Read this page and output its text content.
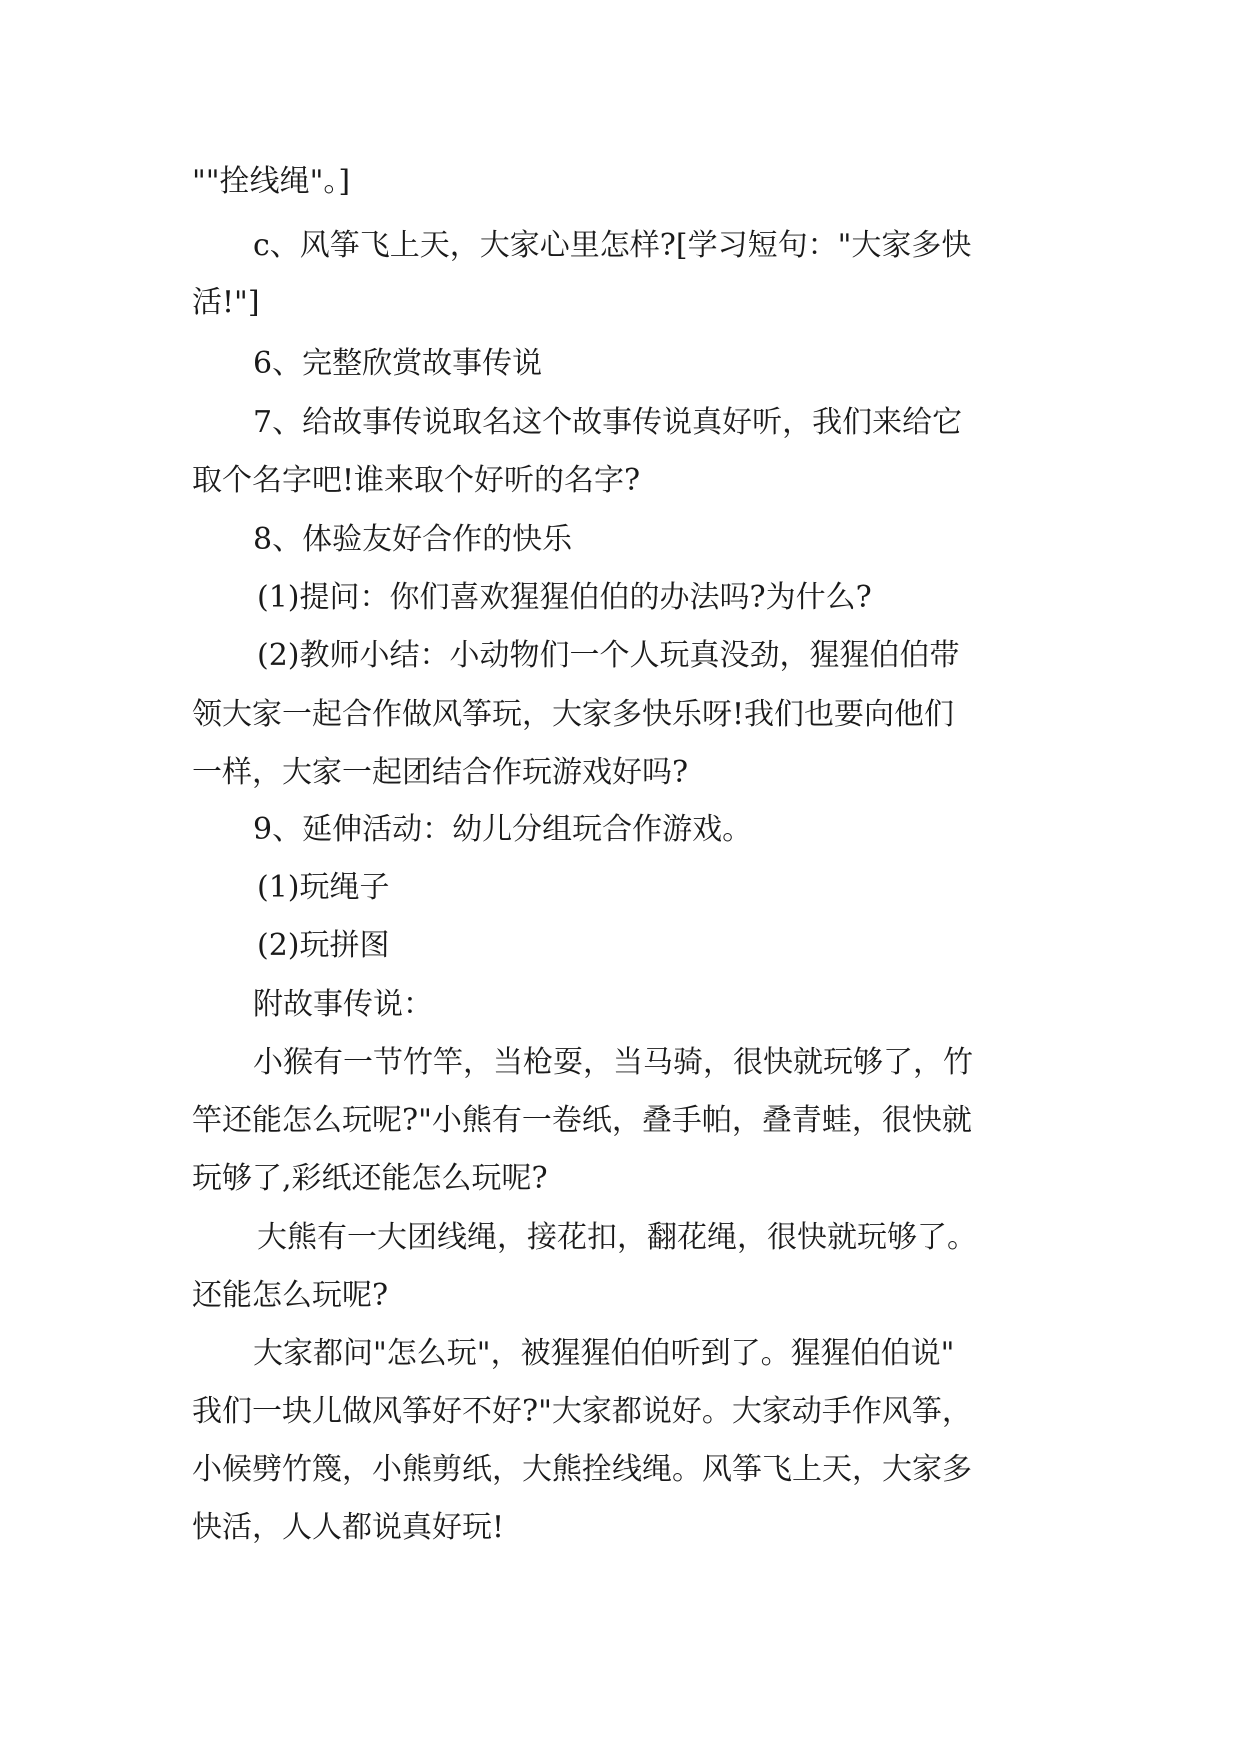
""拴线绳"。]
c、风筝飞上天，大家心里怎样?[学习短句："大家多快
活!"]
6、完整欣赏故事传说
7、给故事传说取名这个故事传说真好听，我们来给它
取个名字吧!谁来取个好听的名字?
8、体验友好合作的快乐
(1)提问：你们喜欢猩猩伯伯的办法吗?为什么?
(2)教师小结：小动物们一个人玩真没劲，猩猩伯伯带
领大家一起合作做风筝玩，大家多快乐呀!我们也要向他们
一样，大家一起团结合作玩游戏好吗?
9、延伸活动：幼儿分组玩合作游戏。
(1)玩绳子
(2)玩拼图
附故事传说：
小猴有一节竹竿，当枪耍，当马骑，很快就玩够了，竹
竿还能怎么玩呢?"小熊有一卷纸，叠手帕，叠青蛙，很快就
玩够了,彩纸还能怎么玩呢?
大熊有一大团线绳，接花扣，翻花绳，很快就玩够了。
还能怎么玩呢?
大家都问"怎么玩"，被猩猩伯伯听到了。猩猩伯伯说"
我们一块儿做风筝好不好?"大家都说好。大家动手作风筝，
小候劈竹篾，小熊剪纸，大熊拴线绳。风筝飞上天，大家多
快活，人人都说真好玩!
